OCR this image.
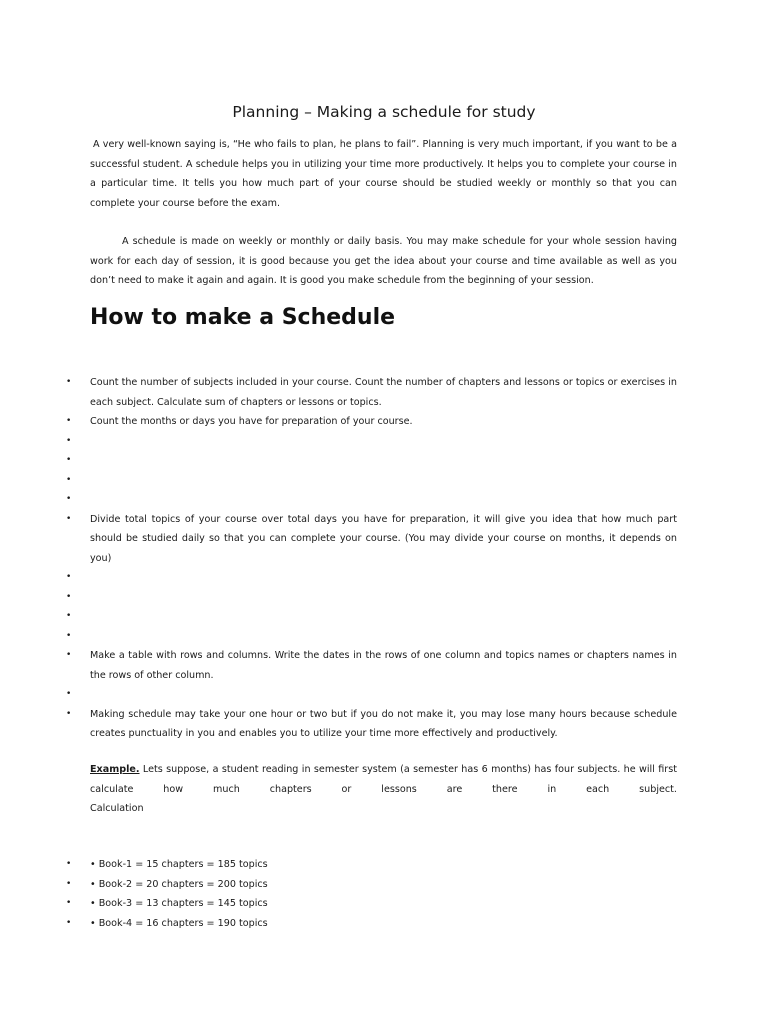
Planning – Making a schedule for study

A very well-known saying is, “He who fails to plan, he plans to fail”. Planning is very much important, if you want to be a successful student. A schedule helps you in utilizing your time more productively. It helps you to complete your course in a particular time. It tells you how much part of your course should be studied weekly or monthly so that you can complete your course before the exam.

A schedule is made on weekly or monthly or daily basis. You may make schedule for your whole session having work for each day of session, it is good because you get the idea about your course and time available as well as you don’t need to make it again and again. It is good you make schedule from the beginning of your session.

How to make a Schedule
• Count the number of subjects included in your course. Count the number of chapters and lessons or topics or exercises in each subject. Calculate sum of chapters or lessons or topics.
• Count the months or days you have for preparation of your course.
•
•
•
•
• Divide total topics of your course over total days you have for preparation, it will give you idea that how much part should be studied daily so that you can complete your course. (You may divide your course on months, it depends on you)
•
•
•
•
• Make a table with rows and columns. Write the dates in the rows of one column and topics names or chapters names in the rows of other column.
•
• Making schedule may take your one hour or two but if you do not make it, you may lose many hours because schedule creates punctuality in you and enables you to utilize your time more effectively and productively.

Example. Lets suppose, a student reading in semester system (a semester has 6 months) has four subjects. he will first calculate how much chapters or lessons are there in each subject.

Calculation

• • Book-1 = 15 chapters = 185 topics
• • Book-2 = 20 chapters = 200 topics
• • Book-3 = 13 chapters = 145 topics
• • Book-4 = 16 chapters = 190 topics
